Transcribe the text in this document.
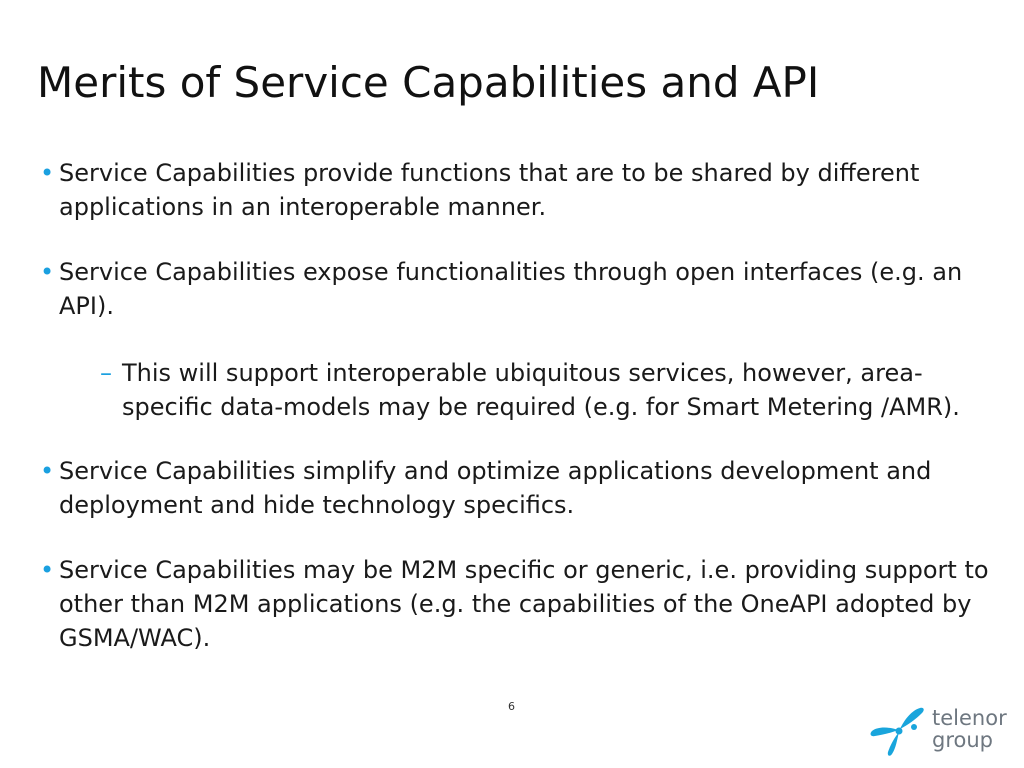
Merits of Service Capabilities and API
• Service Capabilities provide functions that are to be shared by different applications in an interoperable manner.
• Service Capabilities expose functionalities through open interfaces (e.g. an API).
– This will support interoperable ubiquitous services, however, area-specific data-models may be required (e.g. for Smart Metering /AMR).
• Service Capabilities simplify and optimize applications development and deployment and hide technology specifics.
• Service Capabilities may be M2M specific or generic, i.e. providing support to other than M2M applications (e.g. the capabilities of the OneAPI adopted by GSMA/WAC).
6	telenor
group
